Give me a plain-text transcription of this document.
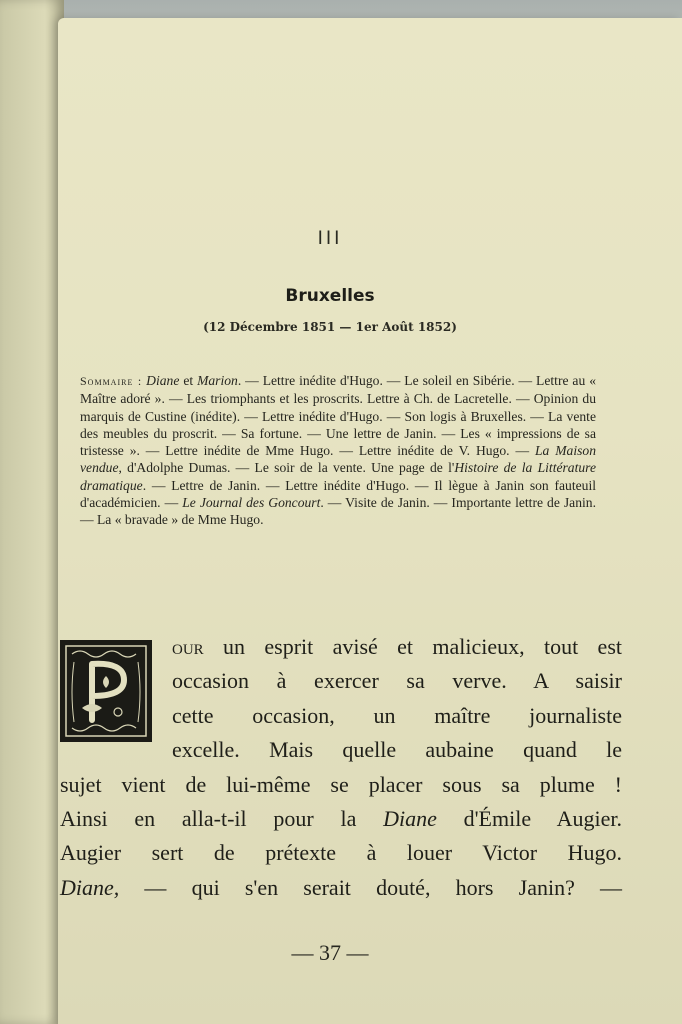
III
Bruxelles
(12 Décembre 1851 — 1er Août 1852)
Sommaire : Diane et Marion. — Lettre inédite d'Hugo. — Le soleil en Sibérie. — Lettre au « Maître adoré ». — Les triomphants et les proscrits. Lettre à Ch. de Lacretelle. — Opinion du marquis de Custine (inédite). — Lettre inédite d'Hugo. — Son logis à Bruxelles. — La vente des meubles du proscrit. — Sa fortune. — Une lettre de Janin. — Les « impressions de sa tristesse ». — Lettre inédite de Mme Hugo. — Lettre inédite de V. Hugo. — La Maison vendue, d'Adolphe Dumas. — Le soir de la vente. Une page de l'Histoire de la Littérature dramatique. — Lettre de Janin. — Lettre inédite d'Hugo. — Il lègue à Janin son fauteuil d'académicien. — Le Journal des Goncourt. — Visite de Janin. — Importante lettre de Janin. — La « bravade » de Mme Hugo.
our un esprit avisé et malicieux, tout est
occasion à exercer sa verve. A saisir
cette occasion, un maître journaliste
excelle. Mais quelle aubaine quand le
sujet vient de lui-même se placer sous sa plume !
Ainsi en alla-t-il pour la Diane d'Émile Augier.
Augier sert de prétexte à louer Victor Hugo.
Diane, — qui s'en serait douté, hors Janin? —
— 37 —
